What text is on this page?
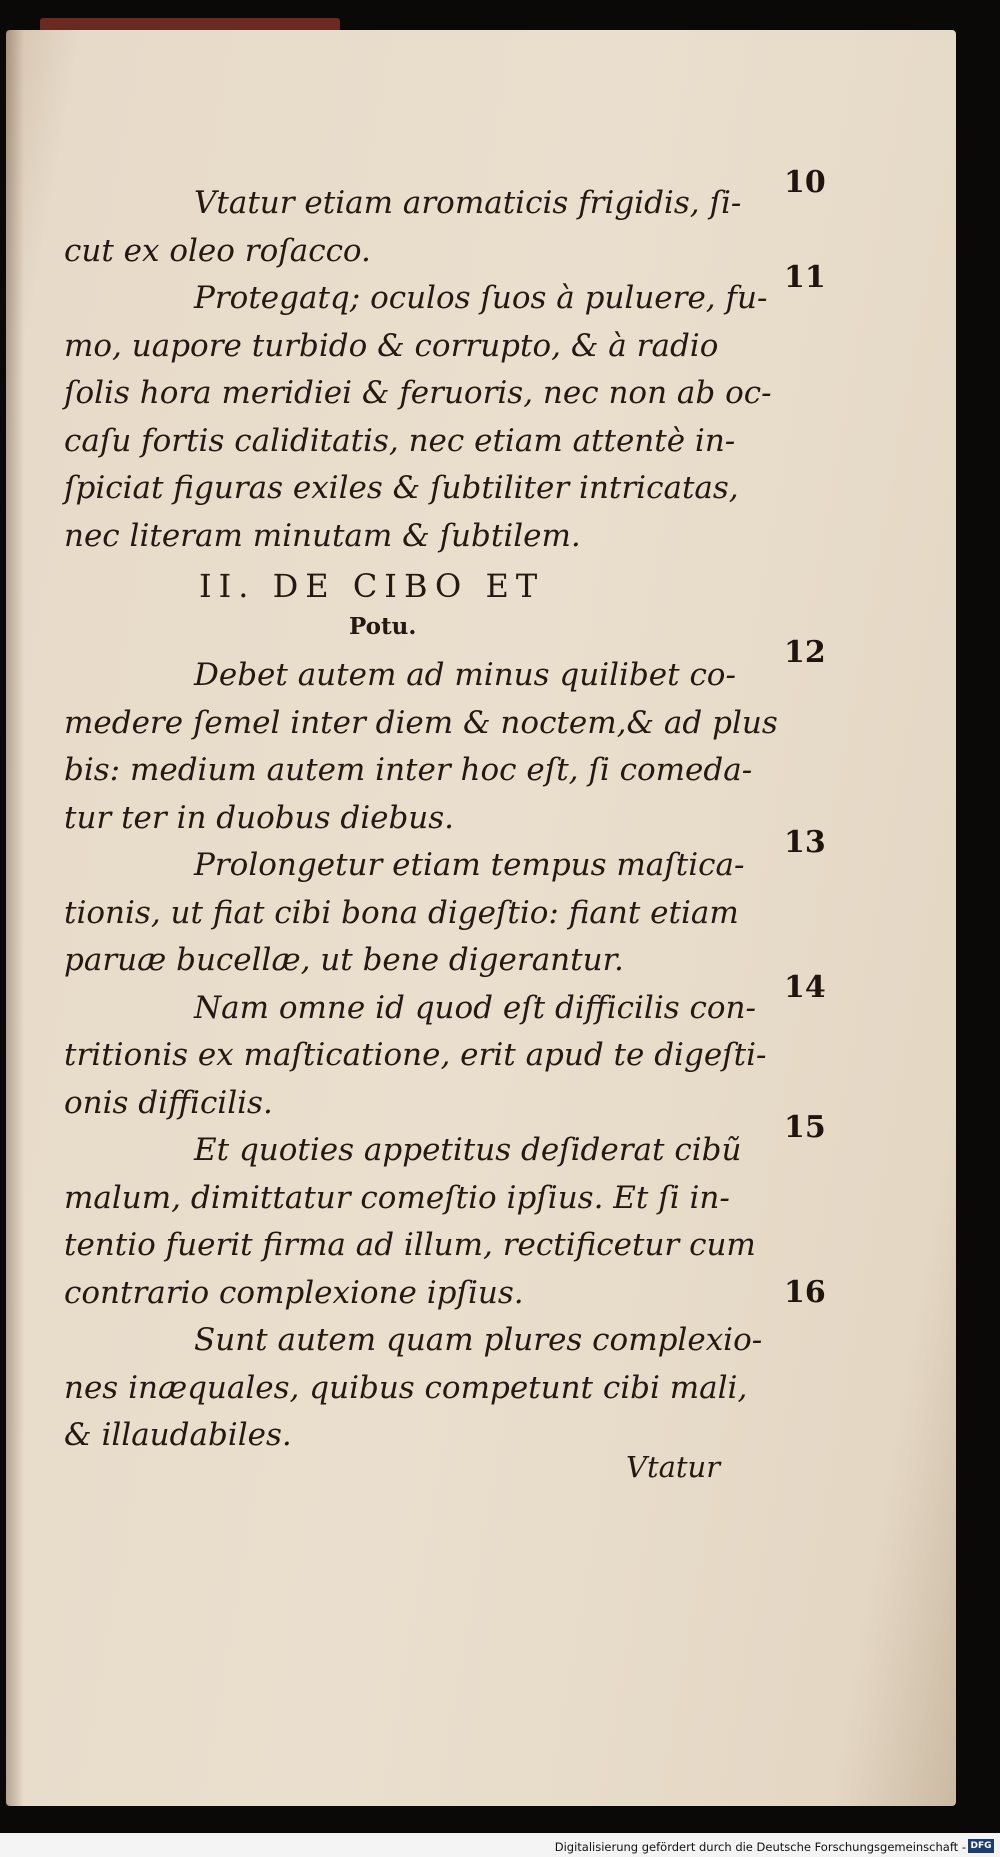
Vtatur etiam aromaticis frigidis, ſi-
cut ex oleo roſacco.
Protegatq; oculos ſuos à puluere, fu-
mo, uapore turbido & corrupto, & à radio
ſolis hora meridiei & feruoris, nec non ab oc-
caſu fortis caliditatis, nec etiam attentè in-
ſpiciat figuras exiles & ſubtiliter intricatas,
nec literam minutam & ſubtilem.
II. DE CIBO ET
Potu.
Debet autem ad minus quilibet co-
medere ſemel inter diem & noctem,& ad plus
bis: medium autem inter hoc eſt, ſi comeda-
tur ter in duobus diebus.
Prolongetur etiam tempus maſtica-
tionis, ut fiat cibi bona digeſtio: fiant etiam
paruæ bucellæ, ut bene digerantur.
Nam omne id quod eſt difficilis con-
tritionis ex maſticatione, erit apud te digeſti-
onis difficilis.
Et quoties appetitus deſiderat cibũ
malum, dimittatur comeſtio ipſius. Et ſi in-
tentio fuerit firma ad illum, rectificetur cum
contrario complexione ipſius.
Sunt autem quam plures complexio-
nes inæquales, quibus competunt cibi mali,
& illaudabiles.
10
11
12
13
14
15
16
Vtatur
Digitalisierung gefördert durch die Deutsche Forschungsgemeinschaft - DFG
